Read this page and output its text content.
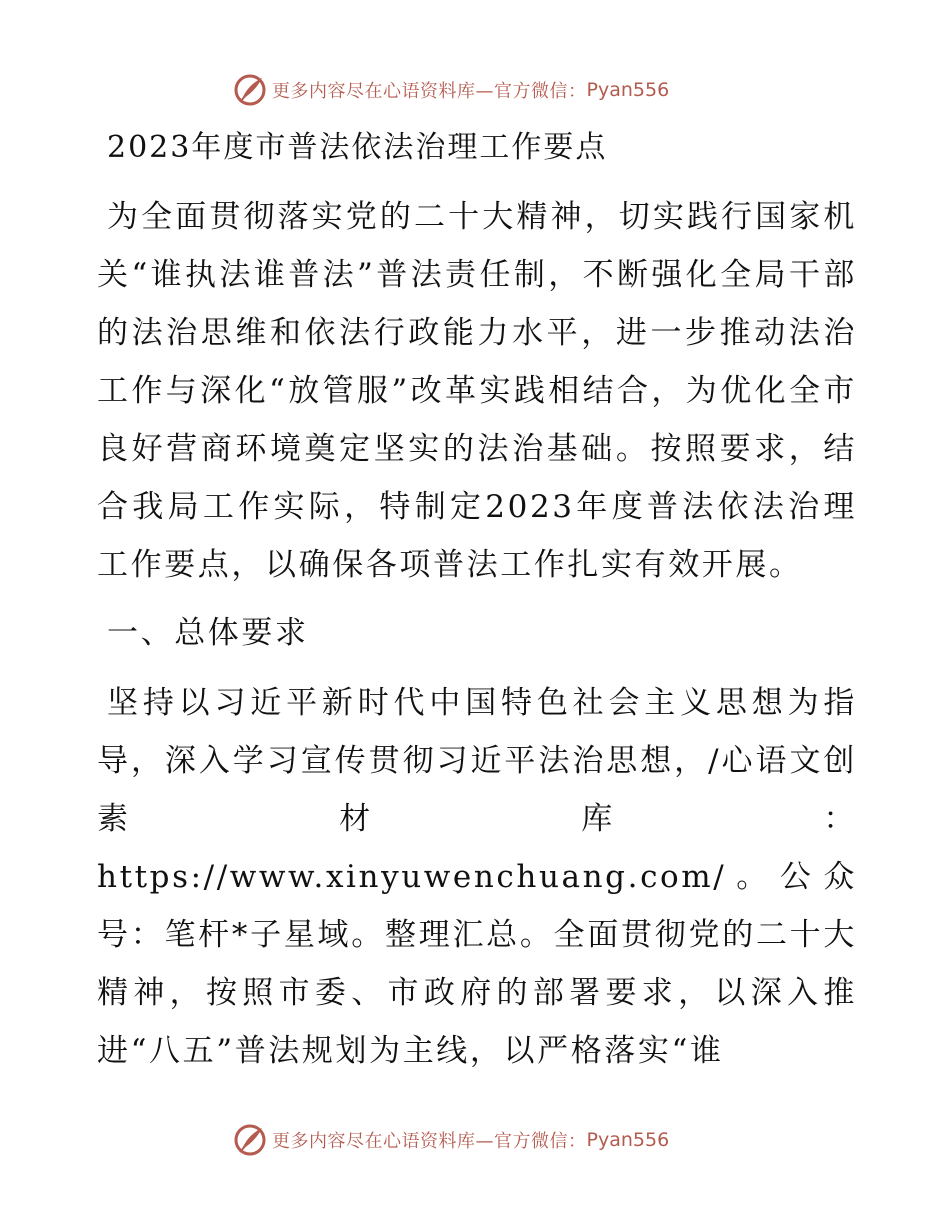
更多内容尽在心语资料库—官方微信： Pyan556
2023年度市普法依法治理工作要点

为全面贯彻落实党的二十大精神，切实践行国家机关“谁执法谁普法”普法责任制，不断强化全局干部的法治思维和依法行政能力水平，进一步推动法治工作与深化“放管服”改革实践相结合，为优化全市良好营商环境奠定坚实的法治基础。按照要求，结合我局工作实际，特制定2023年度普法依法治理工作要点，以确保各项普法工作扎实有效开展。

一、总体要求

坚持以习近平新时代中国特色社会主义思想为指导，深入学习宣传贯彻习近平法治思想，/心语文创素材库：https://www.xinyuwenchuang.com/。公众号：笔杆*子星域。整理汇总。全面贯彻党的二十大精神，按照市委、市政府的部署要求，以深入推进“八五”普法规划为主线，以严格落实“谁

更多内容尽在心语资料库—官方微信： Pyan556
